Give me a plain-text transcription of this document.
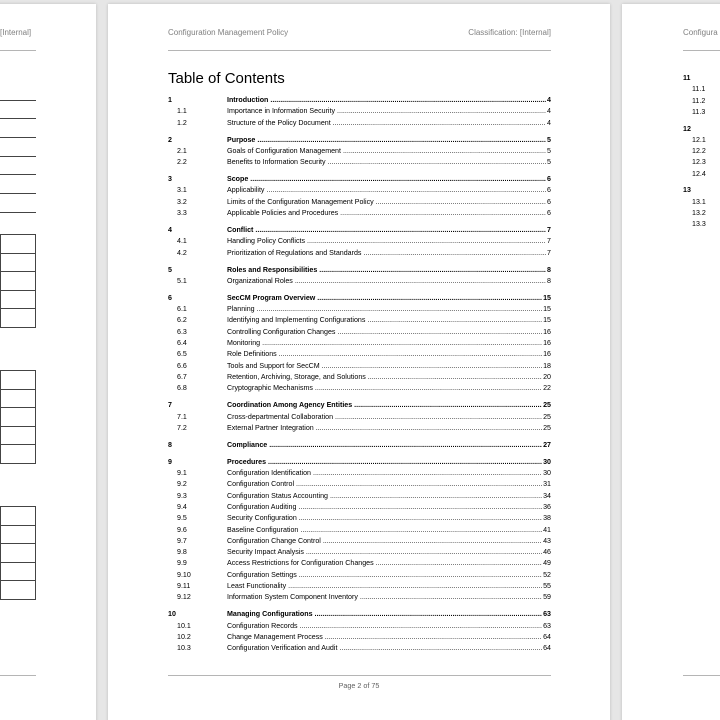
[Internal]	Configuration Management Policy	Classification: [Internal]
Table of Contents
1	Introduction .....	4
1.1	Importance in Information Security .....	4
1.2	Structure of the Policy Document .....	4
2	Purpose .....	5
2.1	Goals of Configuration Management .....	5
2.2	Benefits to Information Security .....	5
3	Scope .....	6
3.1	Applicability .....	6
3.2	Limits of the Configuration Management Policy .....	6
3.3	Applicable Policies and Procedures .....	6
4	Conflict .....	7
4.1	Handling Policy Conflicts .....	7
4.2	Prioritization of Regulations and Standards .....	7
5	Roles and Responsibilities .....	8
5.1	Organizational Roles .....	8
6	SecCM Program Overview .....	15
6.1	Planning .....	15
6.2	Identifying and Implementing Configurations .....	15
6.3	Controlling Configuration Changes .....	16
6.4	Monitoring .....	16
6.5	Role Definitions .....	16
6.6	Tools and Support for SecCM .....	18
6.7	Retention, Archiving, Storage, and Solutions .....	20
6.8	Cryptographic Mechanisms .....	22
7	Coordination Among Agency Entities .....	25
7.1	Cross-departmental Collaboration .....	25
7.2	External Partner Integration .....	25
8	Compliance .....	27
9	Procedures .....	30
9.1	Configuration Identification .....	30
9.2	Configuration Control .....	31
9.3	Configuration Status Accounting .....	34
9.4	Configuration Auditing .....	36
9.5	Security Configuration .....	38
9.6	Baseline Configuration .....	41
9.7	Configuration Change Control .....	43
9.8	Security Impact Analysis .....	46
9.9	Access Restrictions for Configuration Changes .....	49
9.10	Configuration Settings .....	52
9.11	Least Functionality .....	55
9.12	Information System Component Inventory .....	59
10	Managing Configurations .....	63
10.1	Configuration Records .....	63
10.2	Change Management Process .....	64
10.3	Configuration Verification and Audit .....	64
Page 2 of 75
Configura
11
11.1
11.2
11.3
12
12.1
12.2
12.3
12.4
13
13.1
13.2
13.3
